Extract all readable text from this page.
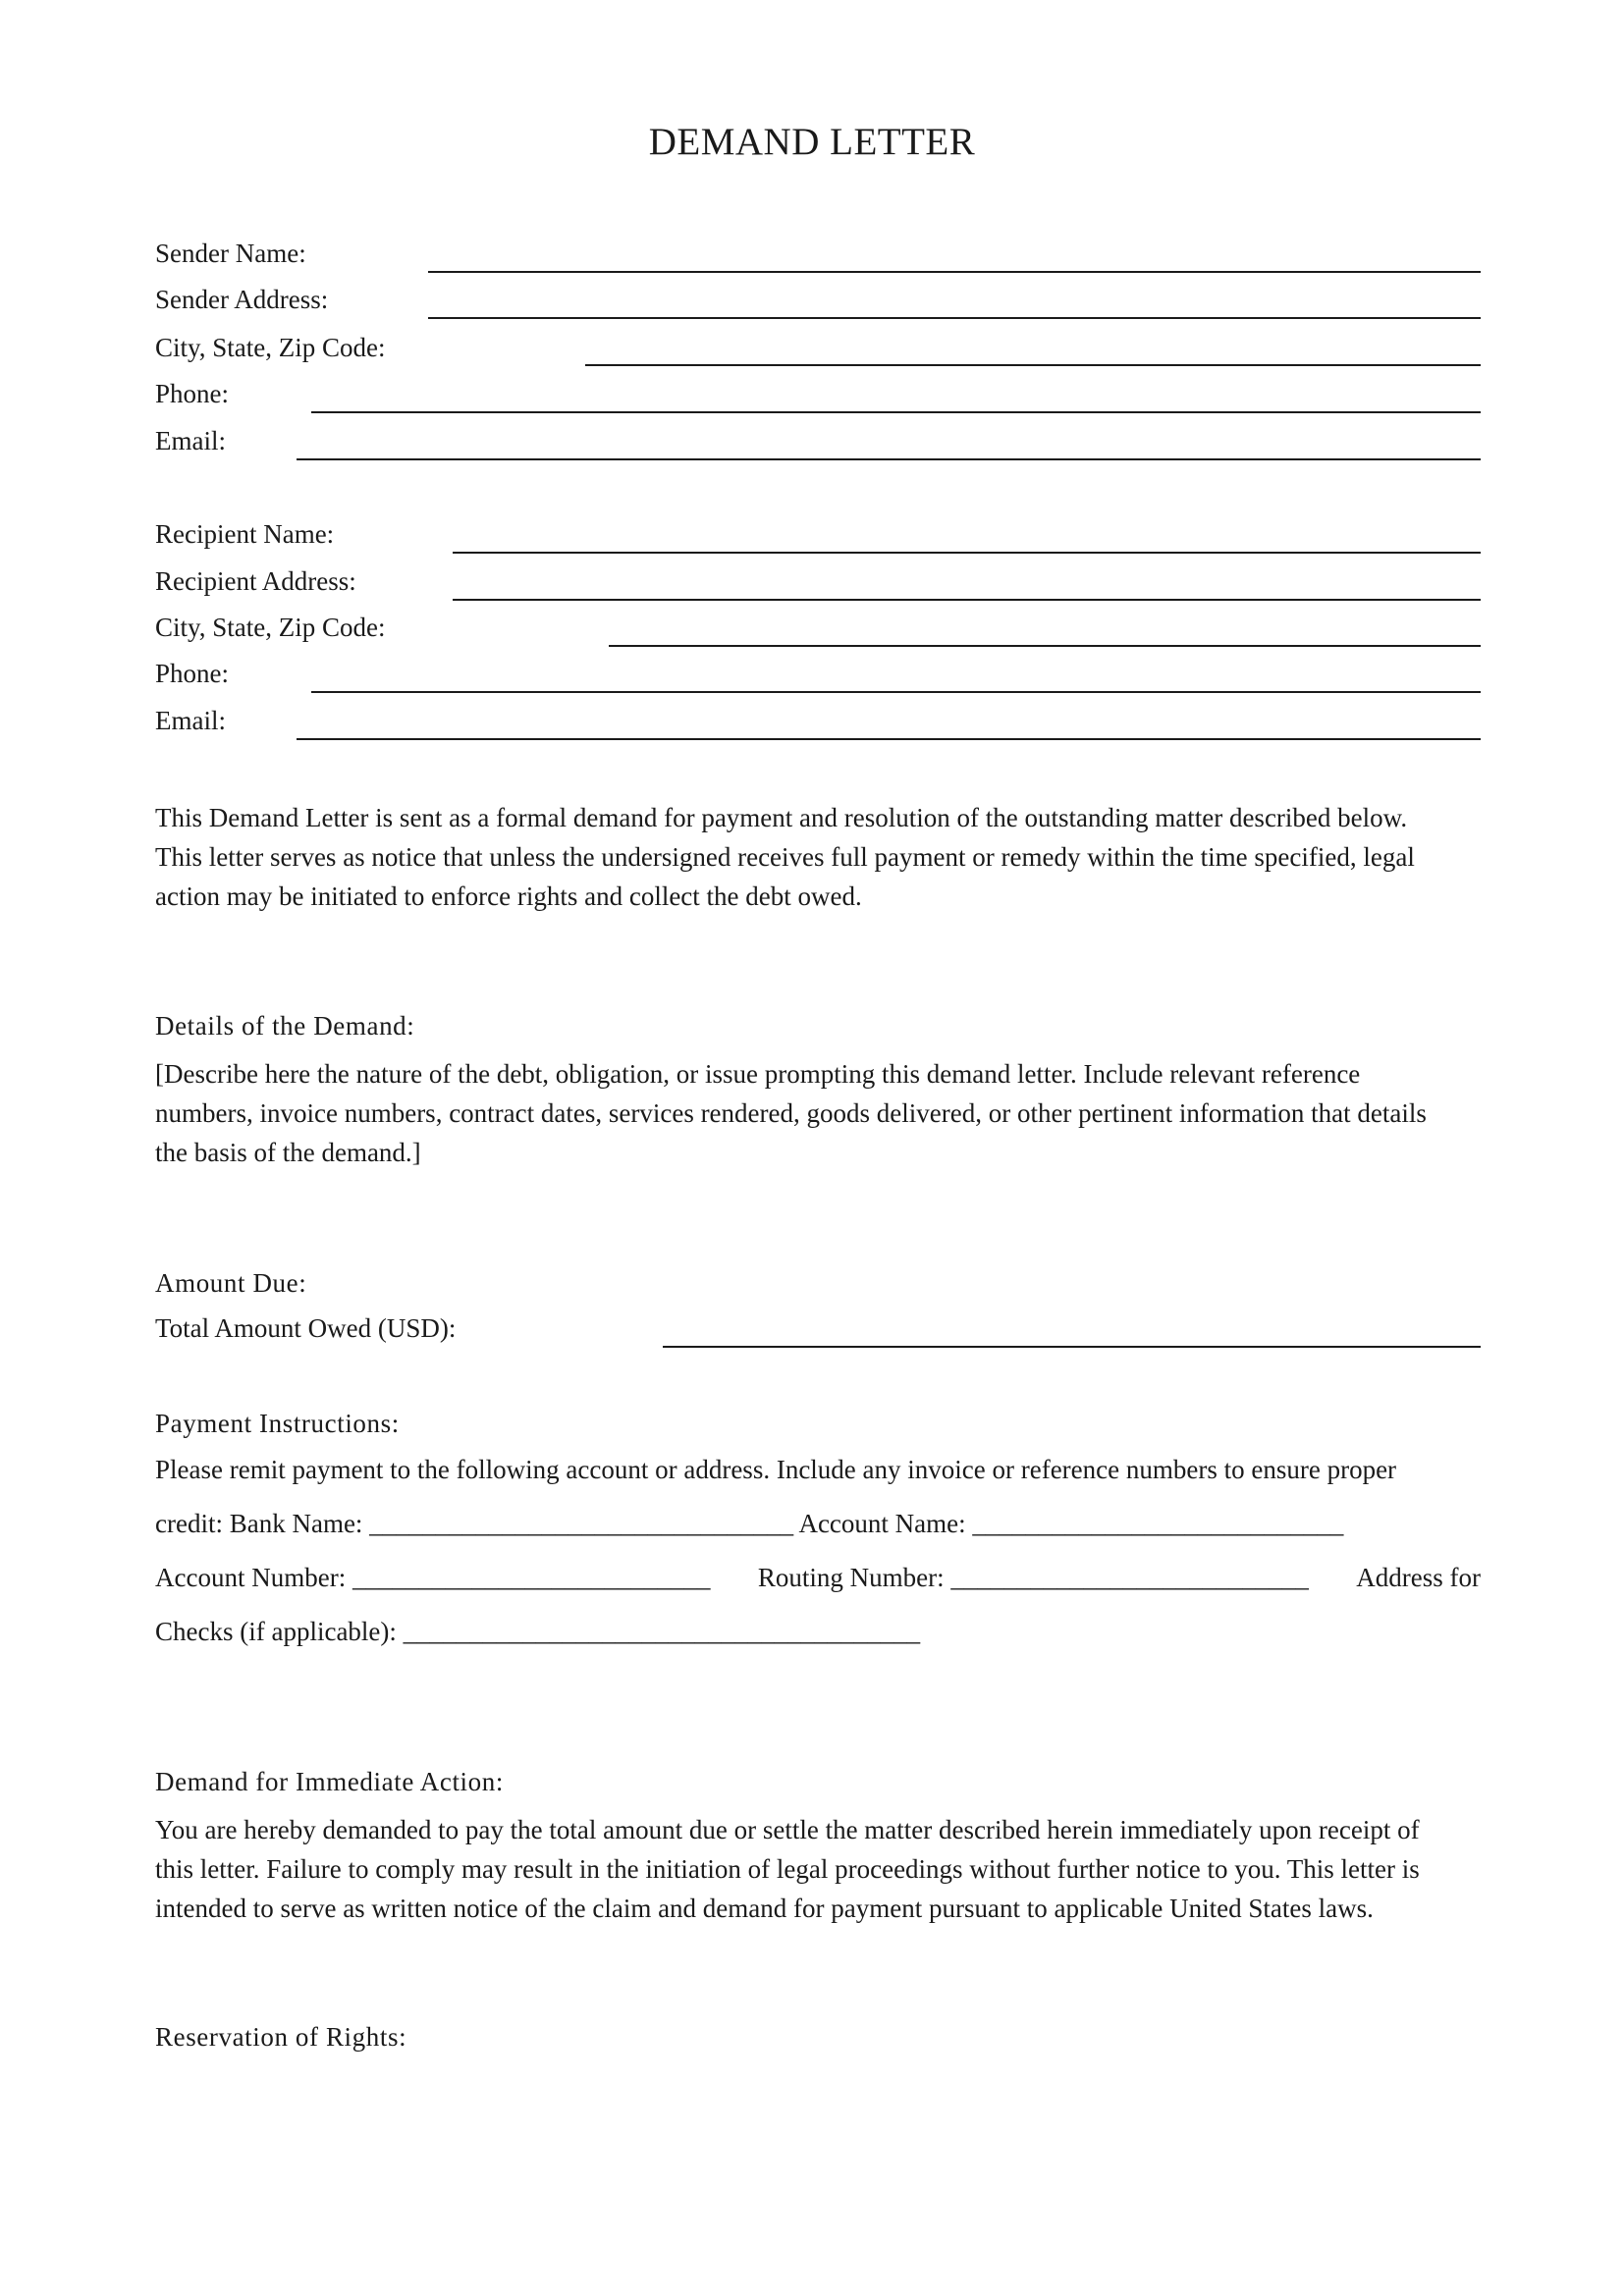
DEMAND LETTER
Sender Name:
Sender Address:
City, State, Zip Code:
Phone:
Email:
Recipient Name:
Recipient Address:
City, State, Zip Code:
Phone:
Email:
This Demand Letter is sent as a formal demand for payment and resolution of the outstanding matter described below.
This letter serves as notice that unless the undersigned receives full payment or remedy within the time specified, legal
action may be initiated to enforce rights and collect the debt owed.
Details of the Demand:
[Describe here the nature of the debt, obligation, or issue prompting this demand letter. Include relevant reference
numbers, invoice numbers, contract dates, services rendered, goods delivered, or other pertinent information that details
the basis of the demand.]
Amount Due:
Total Amount Owed (USD):
Payment Instructions:
Please remit payment to the following account or address. Include any invoice or reference numbers to ensure proper
credit: Bank Name: ________________________________ Account Name: ____________________________
Account Number: ___________________________ Routing Number: ___________________________ Address for
Checks (if applicable): _______________________________________
Demand for Immediate Action:
You are hereby demanded to pay the total amount due or settle the matter described herein immediately upon receipt of
this letter. Failure to comply may result in the initiation of legal proceedings without further notice to you. This letter is
intended to serve as written notice of the claim and demand for payment pursuant to applicable United States laws.
Reservation of Rights:
